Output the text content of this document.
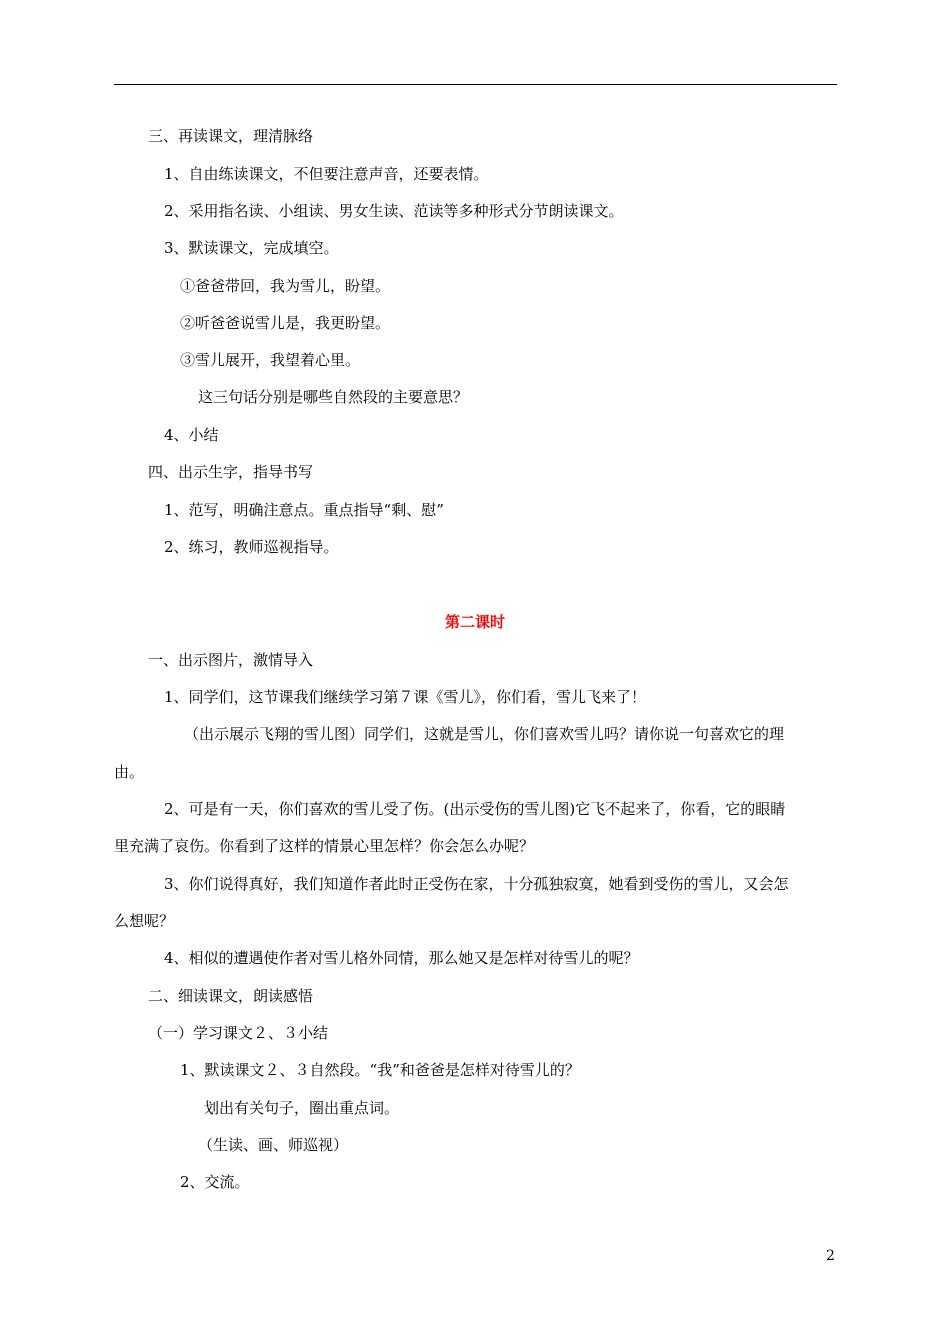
三、再读课文，理清脉络
1、自由练读课文，不但要注意声音，还要表情。
2、采用指名读、小组读、男女生读、范读等多种形式分节朗读课文。
3、默读课文，完成填空。
①爸爸带回，我为雪儿，盼望。
②听爸爸说雪儿是，我更盼望。
③雪儿展开，我望着心里。
这三句话分别是哪些自然段的主要意思？
4、小结
四、出示生字，指导书写
1、范写，明确注意点。重点指导“剩、慰”
2、练习，教师巡视指导。
第二课时
一、出示图片，激情导入
1、同学们，这节课我们继续学习第７课《雪儿》，你们看，雪儿飞来了！
（出示展示飞翔的雪儿图）同学们，这就是雪儿，你们喜欢雪儿吗？请你说一句喜欢它的理
由。
2、可是有一天，你们喜欢的雪儿受了伤。(出示受伤的雪儿图)它飞不起来了，你看，它的眼睛
里充满了哀伤。你看到了这样的情景心里怎样？你会怎么办呢？
3、你们说得真好，我们知道作者此时正受伤在家，十分孤独寂寞，她看到受伤的雪儿，又会怎
么想呢？
4、相似的遭遇使作者对雪儿格外同情，那么她又是怎样对待雪儿的呢？
二、细读课文，朗读感悟
（一）学习课文２、３小结
1、默读课文２、３自然段。“我”和爸爸是怎样对待雪儿的？
划出有关句子，圈出重点词。
（生读、画、师巡视）
2、交流。
2
